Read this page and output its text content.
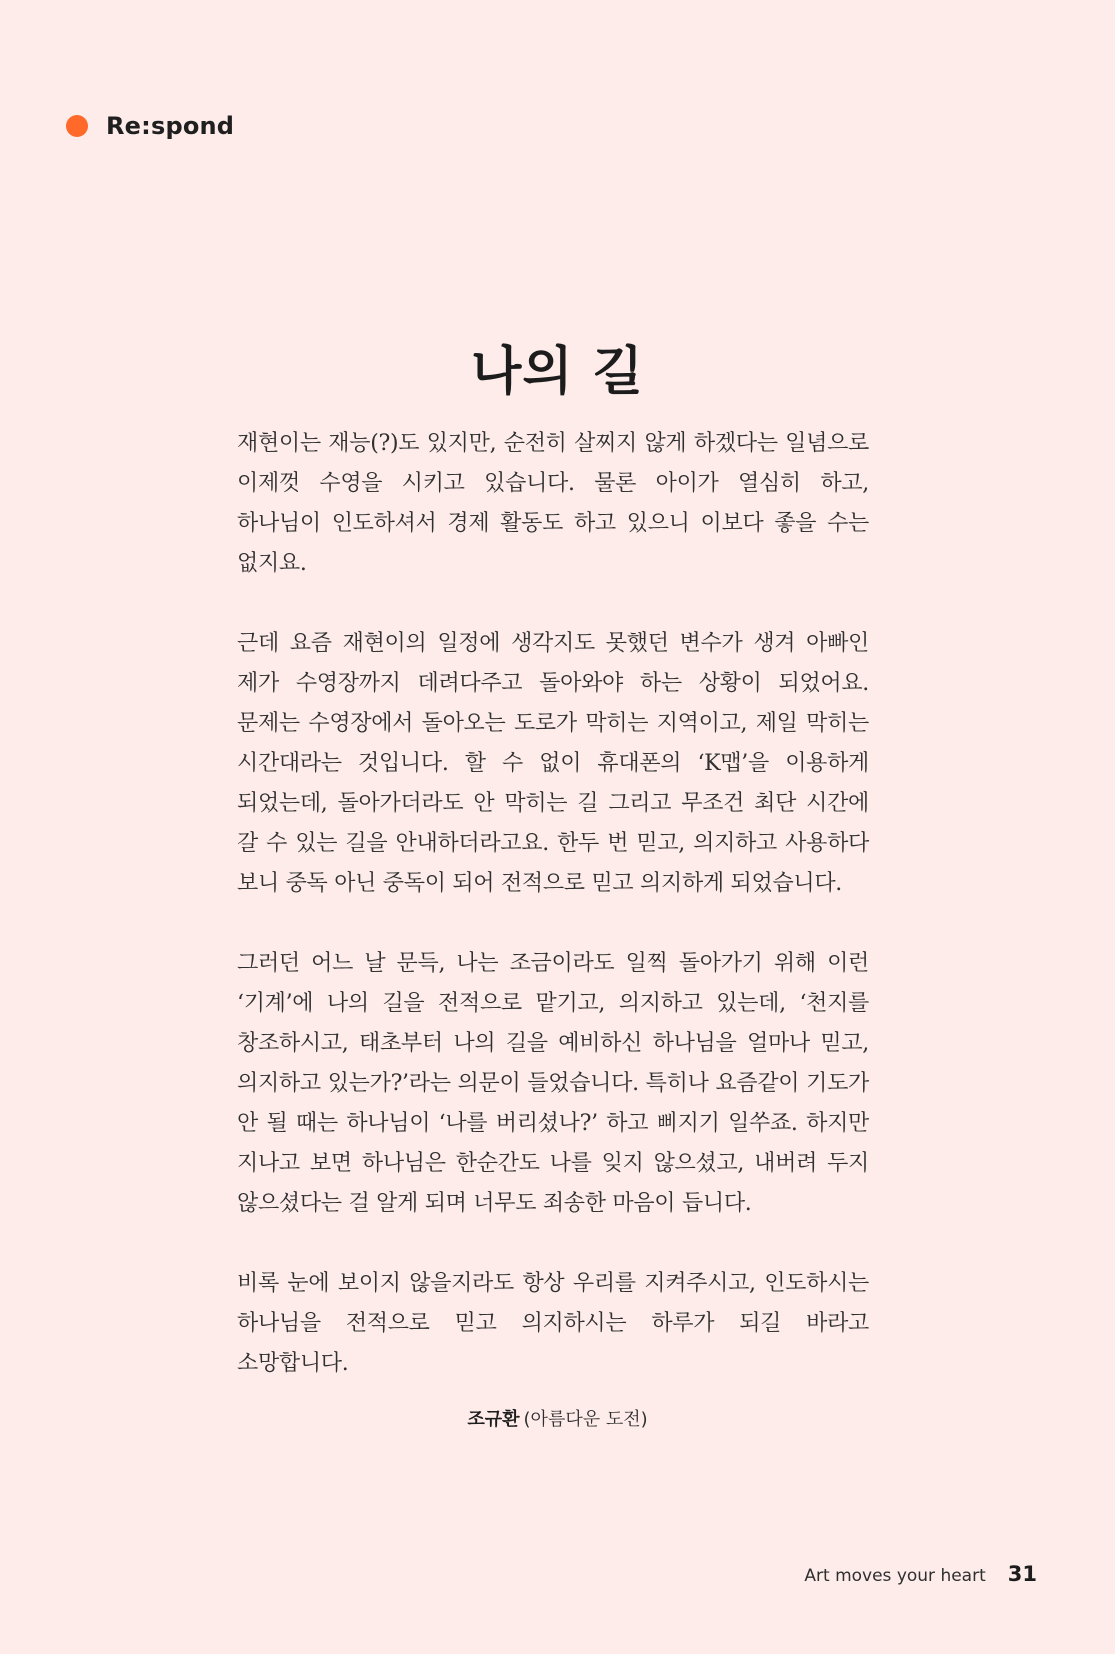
Re:spond
나의 길

재현이는 재능(?)도 있지만, 순전히 살찌지 않게 하겠다는 일념으로 이제껏 수영을 시키고 있습니다. 물론 아이가 열심히 하고, 하나님이 인도하셔서 경제 활동도 하고 있으니 이보다 좋을 수는 없지요.

근데 요즘 재현이의 일정에 생각지도 못했던 변수가 생겨 아빠인 제가 수영장까지 데려다주고 돌아와야 하는 상황이 되었어요. 문제는 수영장에서 돌아오는 도로가 막히는 지역이고, 제일 막히는 시간대라는 것입니다. 할 수 없이 휴대폰의 ‘K맵’을 이용하게 되었는데, 돌아가더라도 안 막히는 길 그리고 무조건 최단 시간에 갈 수 있는 길을 안내하더라고요. 한두 번 믿고, 의지하고 사용하다 보니 중독 아닌 중독이 되어 전적으로 믿고 의지하게 되었습니다.

그러던 어느 날 문득, 나는 조금이라도 일찍 돌아가기 위해 이런 ‘기계’에 나의 길을 전적으로 맡기고, 의지하고 있는데, ‘천지를 창조하시고, 태초부터 나의 길을 예비하신 하나님을 얼마나 믿고, 의지하고 있는가?’라는 의문이 들었습니다. 특히나 요즘같이 기도가 안 될 때는 하나님이 ‘나를 버리셨나?’ 하고 삐지기 일쑤죠. 하지만 지나고 보면 하나님은 한순간도 나를 잊지 않으셨고, 내버려 두지 않으셨다는 걸 알게 되며 너무도 죄송한 마음이 듭니다.

비록 눈에 보이지 않을지라도 항상 우리를 지켜주시고, 인도하시는 하나님을 전적으로 믿고 의지하시는 하루가 되길 바라고 소망합니다.

조규환 (아름다운 도전)
Art moves your heart 31
